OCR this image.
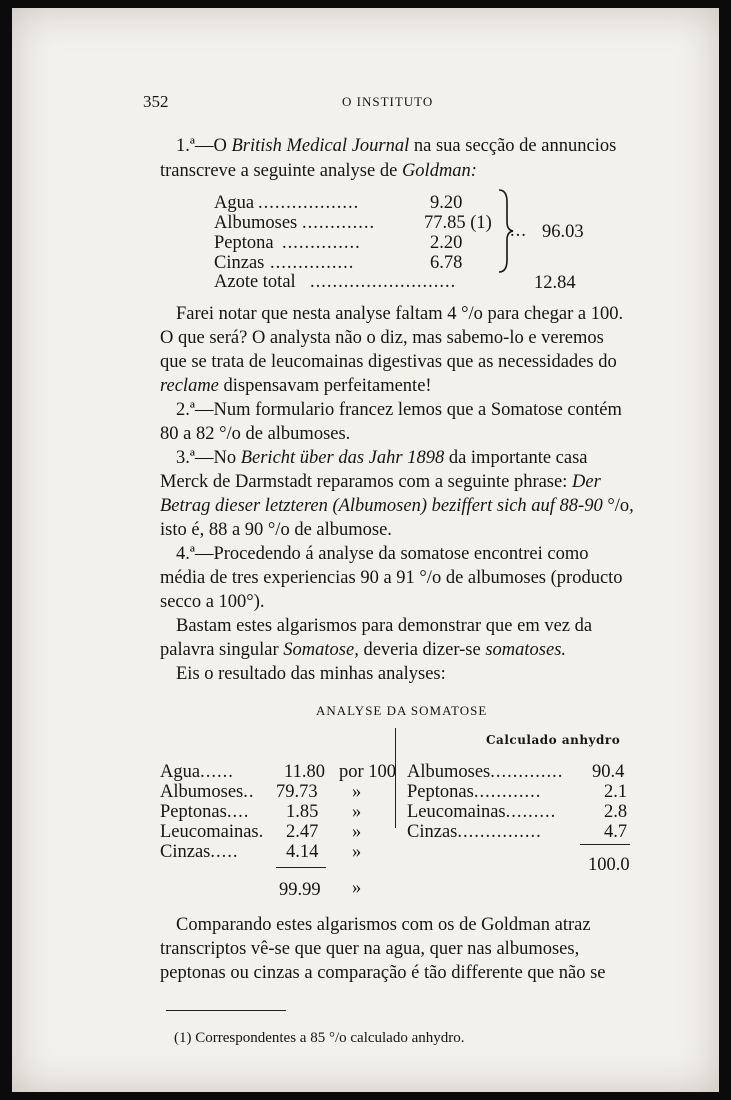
352	O INSTITUTO
1.ª—O British Medical Journal na sua secção de annuncios
transcreve a seguinte analyse de Goldman:
Agua ..................	9.20
Albumoses .............	77.85 (1)
Peptona ..............	2.20
Cinzas ...............	6.78
... 96.03
Azote total ..........................	12.84
Farei notar que nesta analyse faltam 4 °/o para chegar a 100.
O que será? O analysta não o diz, mas sabemo-lo e veremos
que se trata de leucomainas digestivas que as necessidades do
reclame dispensavam perfeitamente!
2.ª—Num formulario francez lemos que a Somatose contém
80 a 82 °/o de albumoses.
3.ª—No Bericht über das Jahr 1898 da importante casa
Merck de Darmstadt reparamos com a seguinte phrase: Der
Betrag dieser letzteren (Albumosen) beziffert sich auf 88-90 °/o,
isto é, 88 a 90 °/o de albumose.
4.ª—Procedendo á analyse da somatose encontrei como
média de tres experiencias 90 a 91 °/o de albumoses (producto
secco a 100°).
Bastam estes algarismos para demonstrar que em vez da
palavra singular Somatose, deveria dizer-se somatoses.
Eis o resultado das minhas analyses:
ANALYSE DA SOMATOSE
Calculado anhydro
Agua......	11.80 por 100
Albumoses.. 79.73 »
Peptonas.... 1.85 »
Leucomainas. 2.47 »
Cinzas.....	4.14 »
99.99 »
Albumoses............. 90.4
Peptonas............	2.1
Leucomainas.........	2.8
Cinzas...............	4.7
100.0
Comparando estes algarismos com os de Goldman atraz
transcriptos vê-se que quer na agua, quer nas albumoses,
peptonas ou cinzas a comparação é tão differente que não se
(1) Correspondentes a 85 °/o calculado anhydro.
